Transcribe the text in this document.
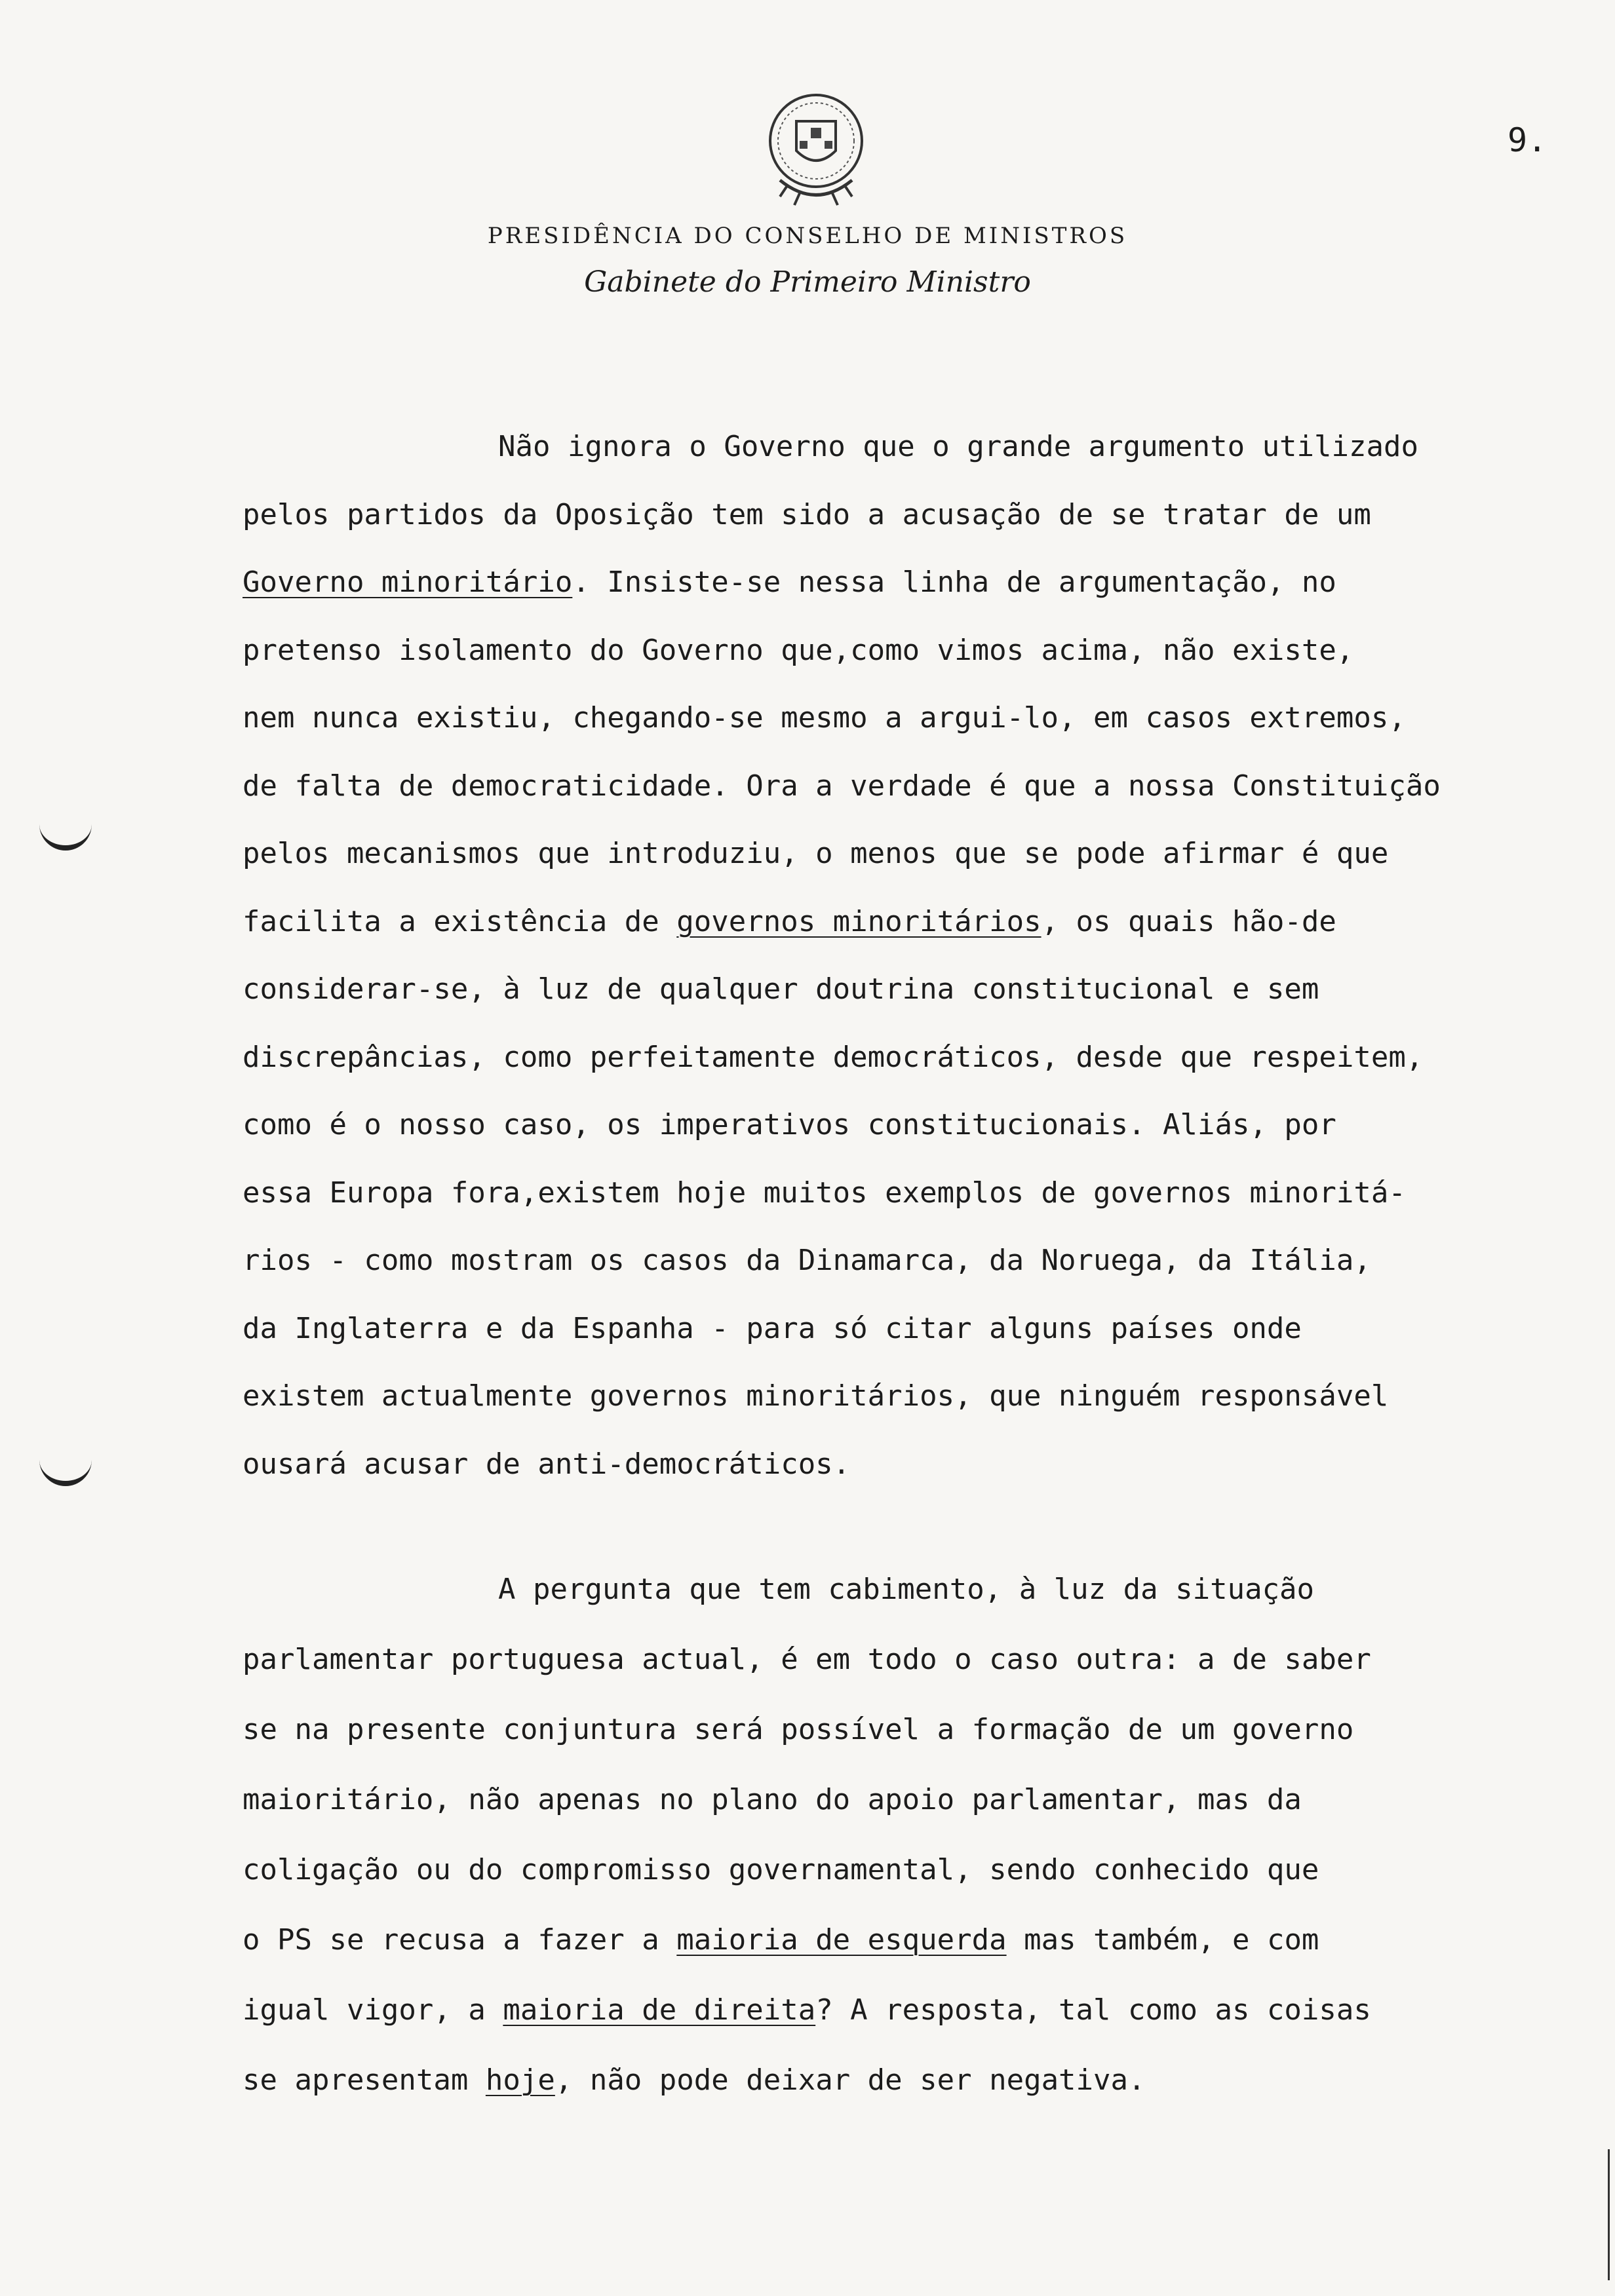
9.
PRESIDÊNCIA DO CONSELHO DE MINISTROS
Gabinete do Primeiro Ministro
Não ignora o Governo que o grande argumento utilizado
pelos partidos da Oposição tem sido a acusação de se tratar de um
Governo minoritário. Insiste-se nessa linha de argumentação, no
pretenso isolamento do Governo que,como vimos acima, não existe,
nem nunca existiu, chegando-se mesmo a argui-lo, em casos extremos,
de falta de democraticidade. Ora a verdade é que a nossa Constituição
pelos mecanismos que introduziu, o menos que se pode afirmar é que
facilita a existência de governos minoritários, os quais hão-de
considerar-se, à luz de qualquer doutrina constitucional e sem
discrepâncias, como perfeitamente democráticos, desde que respeitem,
como é o nosso caso, os imperativos constitucionais. Aliás, por
essa Europa fora,existem hoje muitos exemplos de governos minoritá-
rios - como mostram os casos da Dinamarca, da Noruega, da Itália,
da Inglaterra e da Espanha - para só citar alguns países onde
existem actualmente governos minoritários, que ninguém responsável
ousará acusar de anti-democráticos.
A pergunta que tem cabimento, à luz da situação
parlamentar portuguesa actual, é em todo o caso outra: a de saber
se na presente conjuntura será possível a formação de um governo
maioritário, não apenas no plano do apoio parlamentar, mas da
coligação ou do compromisso governamental, sendo conhecido que
o PS se recusa a fazer a maioria de esquerda mas também, e com
igual vigor, a maioria de direita? A resposta, tal como as coisas
se apresentam hoje, não pode deixar de ser negativa.
